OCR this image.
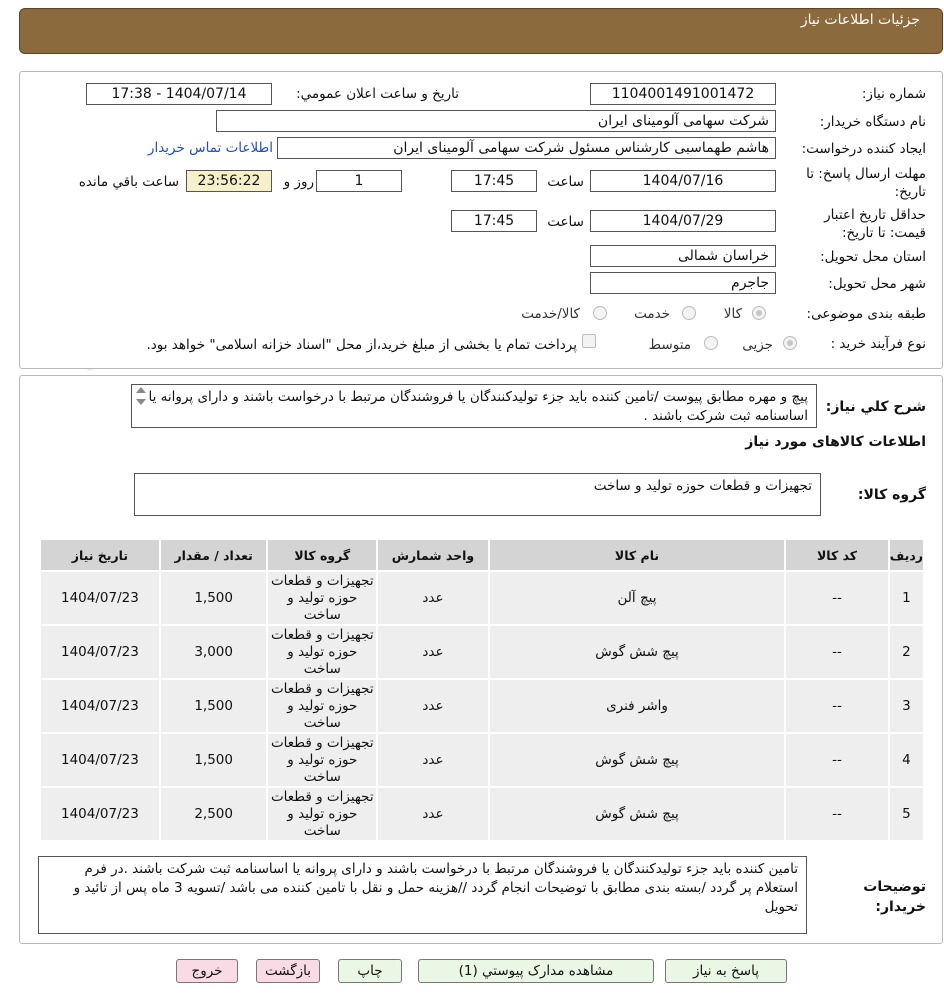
جزئیات اطلاعات نیاز
شماره نیاز:
1104001491001472
تاریخ و ساعت اعلان عمومي:
1404/07/14 - 17:38
نام دستگاه خریدار:
شرکت سهامی آلومینای ایران
ایجاد کننده درخواست:
هاشم طهماسبی کارشناس مسئول شرکت سهامی آلومینای ایران
اطلاعات تماس خریدار
مهلت ارسال پاسخ: تا تاریخ:
1404/07/16
ساعت
17:45
1
روز و
23:56:22
ساعت باقي مانده
حداقل تاریخ اعتبار قیمت: تا تاریخ:
1404/07/29
ساعت
17:45
استان محل تحویل:
خراسان شمالی
شهر محل تحویل:
جاجرم
طبقه بندی موضوعی:
کالا
خدمت
کالا/خدمت
نوع فرآیند خرید :
جزیی
متوسط
پرداخت تمام یا بخشی از مبلغ خرید،از محل "اسناد خزانه اسلامی" خواهد بود.
شرح کلي نیاز:
پیچ و مهره مطابق پیوست /تامین کننده باید جزء تولیدکنندگان یا فروشندگان مرتبط با درخواست باشند و دارای پروانه یا اساسنامه ثبت شرکت باشند .
اطلاعات کالاهای مورد نیاز
گروه کالا:
تجهیزات و قطعات حوزه تولید و ساخت
ردیف	کد کالا	نام کالا	واحد شمارش	گروه کالا	تعداد / مقدار	تاریخ نیاز
1	--	پیچ آلن	عدد	تجهیزات و قطعات حوزه تولید و ساخت	1,500	1404/07/23
2	--	پیچ شش گوش	عدد	تجهیزات و قطعات حوزه تولید و ساخت	3,000	1404/07/23
3	--	واشر فنری	عدد	تجهیزات و قطعات حوزه تولید و ساخت	1,500	1404/07/23
4	--	پیچ شش گوش	عدد	تجهیزات و قطعات حوزه تولید و ساخت	1,500	1404/07/23
5	--	پیچ شش گوش	عدد	تجهیزات و قطعات حوزه تولید و ساخت	2,500	1404/07/23
توضیحات خریدار:
تامین کننده باید جزء تولیدکنندگان یا فروشندگان مرتبط با درخواست باشند و دارای پروانه یا اساسنامه ثبت شرکت باشند .در فرم استعلام پر گردد /بسته بندی مطابق با توضیحات انجام گردد //هزینه حمل و نقل با تامین کننده می باشد /تسویه 3 ماه پس از تائید و تحویل
پاسخ به نیاز
مشاهده مدارک پیوستي (1)
چاپ
بازگشت
خروج
